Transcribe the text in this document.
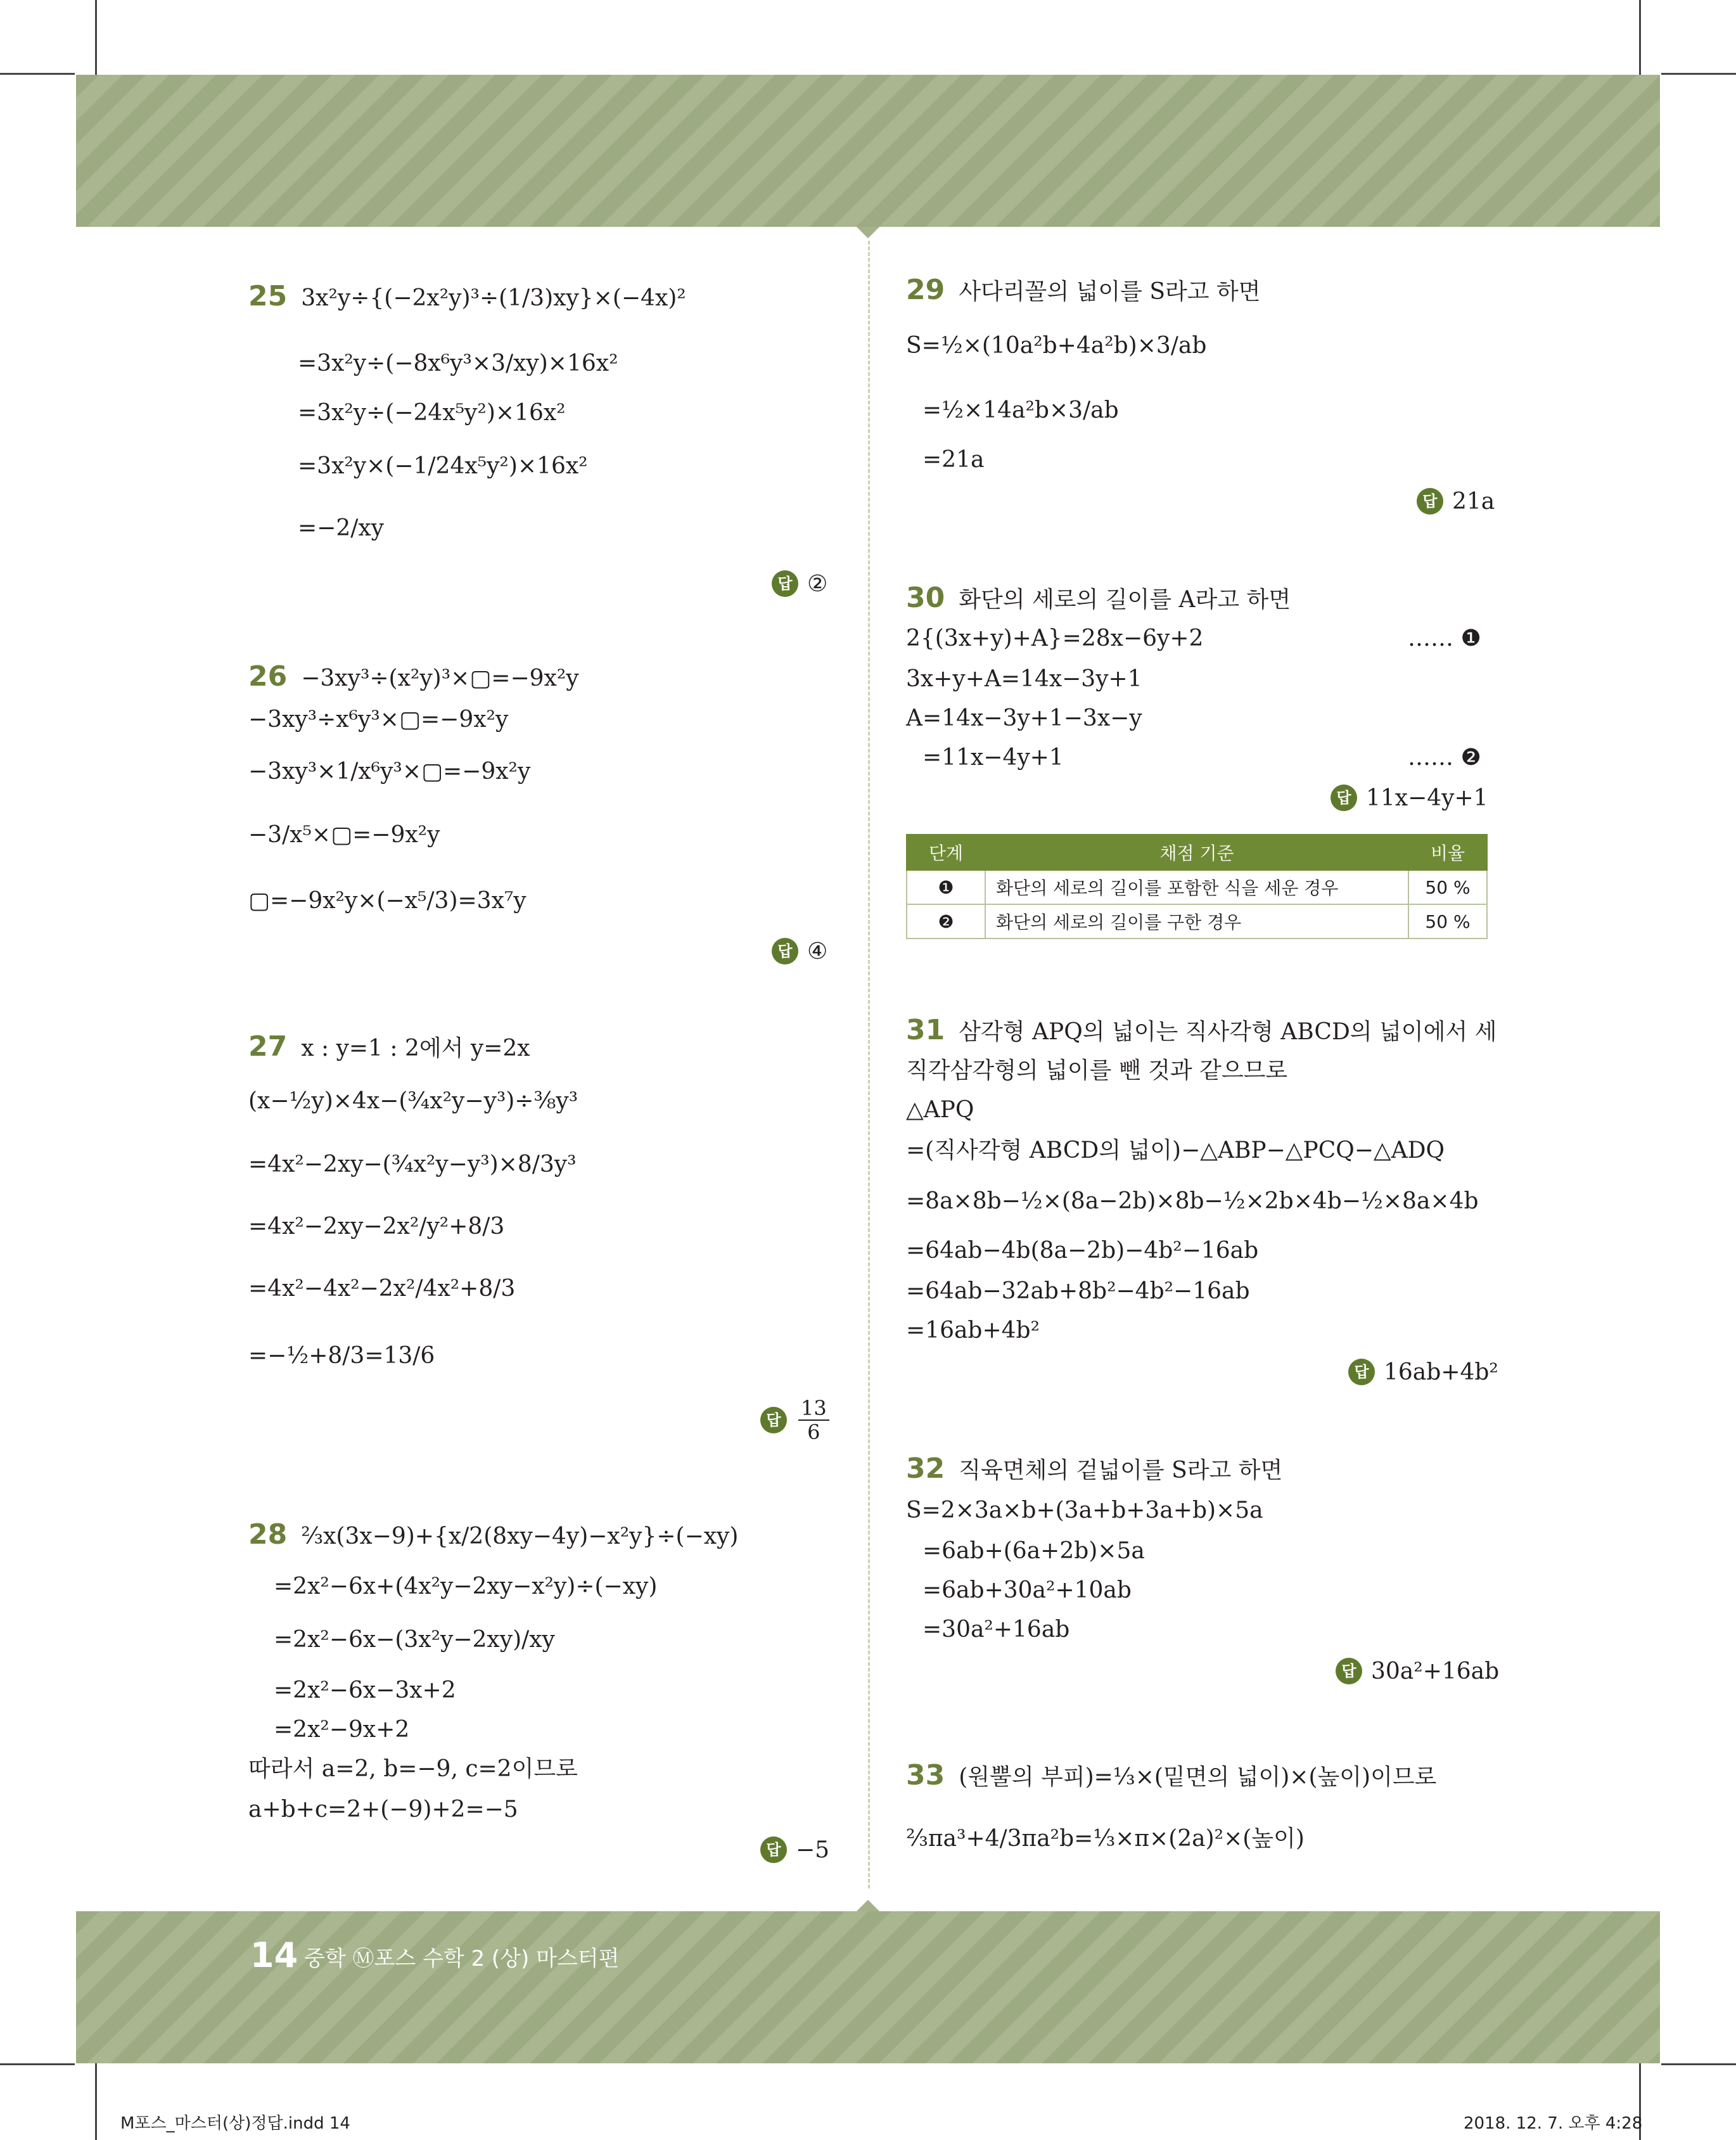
25 3x²y÷{(−2x²y)³÷(1/3)xy}×(−4x)²
=3x²y÷(−8x⁶y³×3/xy)×16x²
=3x²y÷(−24x⁵y²)×16x²
=3x²y×(−1/24x⁵y²)×16x²
=−2/xy
답 ②
26 −3xy³÷(x²y)³×▢=−9x²y
−3xy³÷x⁶y³×▢=−9x²y
−3xy³×1/x⁶y³×▢=−9x²y
−3/x⁵×▢=−9x²y
▢=−9x²y×(−x⁵/3)=3x⁷y
답 ④
27 x : y=1 : 2에서 y=2x
(x−½y)×4x−(¾x²y−y³)÷⅜y³
=4x²−2xy−(¾x²y−y³)×8/3y³
=4x²−2xy−2x²/y²+8/3
=4x²−4x²−2x²/4x²+8/3
=−½+8/3=13/6
답 13
6
28 ⅔x(3x−9)+{x/2(8xy−4y)−x²y}÷(−xy)
=2x²−6x+(4x²y−2xy−x²y)÷(−xy)
=2x²−6x−(3x²y−2xy)/xy
=2x²−6x−3x+2
=2x²−9x+2
따라서 a=2, b=−9, c=2이므로
a+b+c=2+(−9)+2=−5
답 −5
29 사다리꼴의 넓이를 S라고 하면
S=½×(10a²b+4a²b)×3/ab
=½×14a²b×3/ab
=21a
답 21a
30 화단의 세로의 길이를 A라고 하면
2{(3x+y)+A}=28x−6y+2	…… ❶
3x+y+A=14x−3y+1
A=14x−3y+1−3x−y
=11x−4y+1	…… ❷
답 11x−4y+1
단계	채점 기준	비율
❶	화단의 세로의 길이를 포함한 식을 세운 경우	50 %
❷	화단의 세로의 길이를 구한 경우	50 %
31 삼각형 APQ의 넓이는 직사각형 ABCD의 넓이에서 세
직각삼각형의 넓이를 뺀 것과 같으므로
△APQ
=(직사각형 ABCD의 넓이)−△ABP−△PCQ−△ADQ
=8a×8b−½×(8a−2b)×8b−½×2b×4b−½×8a×4b
=64ab−4b(8a−2b)−4b²−16ab
=64ab−32ab+8b²−4b²−16ab
=16ab+4b²
답 16ab+4b²
32 직육면체의 겉넓이를 S라고 하면
S=2×3a×b+(3a+b+3a+b)×5a
=6ab+(6a+2b)×5a
=6ab+30a²+10ab
=30a²+16ab
답 30a²+16ab
33 (원뿔의 부피)=⅓×(밑면의 넓이)×(높이)이므로
⅔πa³+4/3πa²b=⅓×π×(2a)²×(높이)
14 중학 Ⓜ포스 수학 2 (상) 마스터편
M포스_마스터(상)정답.indd 14	2018. 12. 7. 오후 4:28
